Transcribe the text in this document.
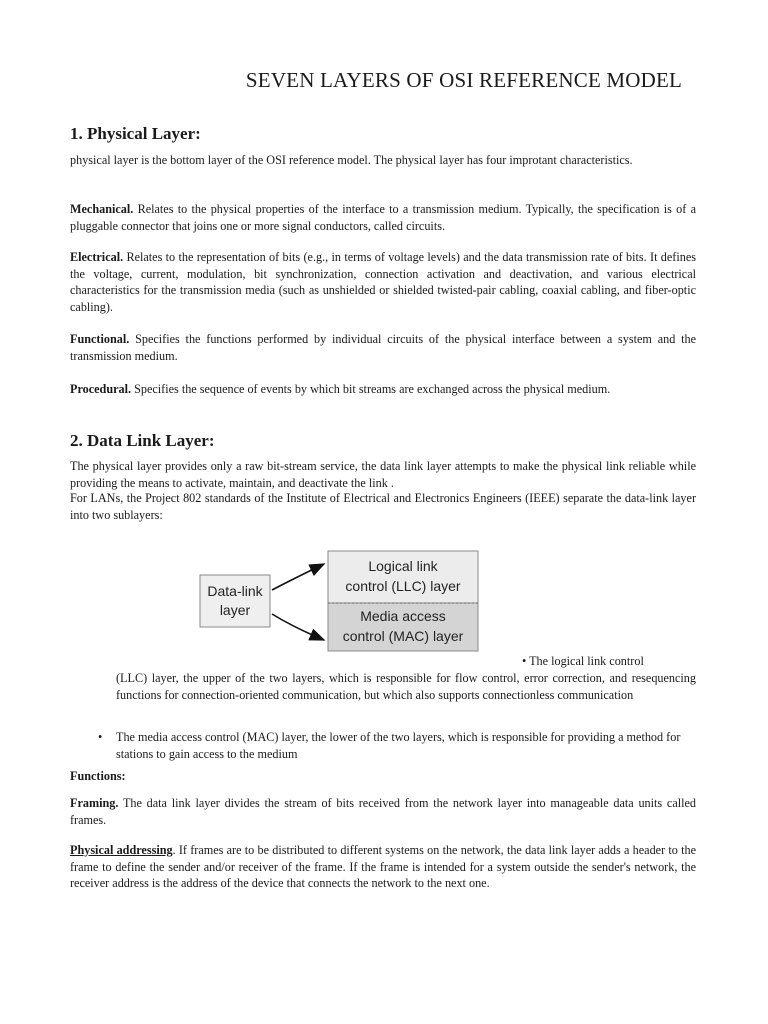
SEVEN LAYERS OF OSI REFERENCE MODEL
1. Physical Layer:

physical layer is the bottom layer of the OSI reference model. The physical layer has four improtant characteristics.

Mechanical. Relates to the physical properties of the interface to a transmission medium. Typically, the specification is of a pluggable connector that joins one or more signal conductors, called circuits.

Electrical. Relates to the representation of bits (e.g., in terms of voltage levels) and the data transmission rate of bits. It defines the voltage, current, modulation, bit synchronization, connection activation and deactivation, and various electrical characteristics for the transmission media (such as unshielded or shielded twisted-pair cabling, coaxial cabling, and fiber-optic cabling).

Functional. Specifies the functions performed by individual circuits of the physical interface between a system and the transmission medium.

Procedural. Specifies the sequence of events by which bit streams are exchanged across the physical medium.

2. Data Link Layer:

The physical layer provides only a raw bit-stream service, the data link layer attempts to make the physical link reliable while providing the means to activate, maintain, and deactivate the link .

For LANs, the Project 802 standards of the Institute of Electrical and Electronics Engineers (IEEE) separate the data-link layer into two sublayers:

Data-link
layer
Logical link
control (LLC) layer
Media access
control (MAC) layer
• The logical link control

(LLC) layer, the upper of the two layers, which is responsible for flow control, error correction, and resequencing functions for connection-oriented communication, but which also supports connectionless communication

• The media access control (MAC) layer, the lower of the two layers, which is responsible for providing a method for stations to gain access to the medium
Functions:

Framing. The data link layer divides the stream of bits received from the network layer into manageable data units called frames.

Physical addressing. If frames are to be distributed to different systems on the network, the data link layer adds a header to the frame to define the sender and/or receiver of the frame. If the frame is intended for a system outside the sender's network, the receiver address is the address of the device that connects the network to the next one.
